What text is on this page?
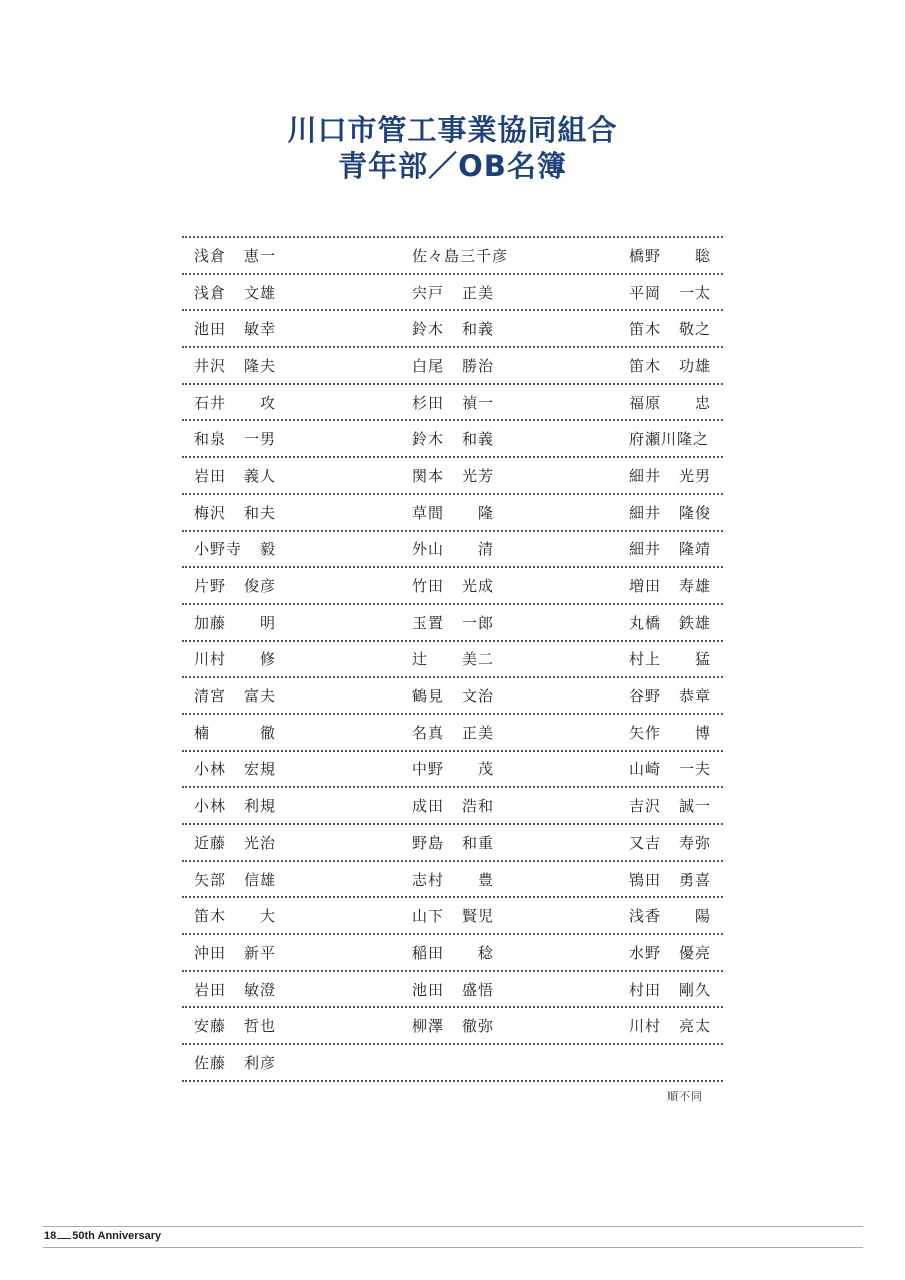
川口市管工事業協同組合
青年部／OB名簿
浅倉	恵一	佐々島三千彦	橋野	聡
浅倉	文雄	宍戸	正美	平岡	一太
池田	敏幸	鈴木	和義	笛木	敬之
井沢	隆夫	白尾	勝治	笛木	功雄
石井	攻	杉田	禎一	福原	忠
和泉	一男	鈴木	和義	府瀬川隆之
岩田	義人	関本	光芳	細井	光男
梅沢	和夫	草間	隆	細井	隆俊
小野寺	毅	外山	清	細井	隆靖
片野	俊彦	竹田	光成	増田	寿雄
加藤	明	玉置	一郎	丸橋	鉄雄
川村	修	辻	美二	村上	猛
清宮	富夫	鶴見	文治	谷野	恭章
楠	徹	名真	正美	矢作	博
小林	宏規	中野	茂	山崎	一夫
小林	利規	成田	浩和	吉沢	誠一
近藤	光治	野島	和重	又吉	寿弥
矢部	信雄	志村	豊	鴇田	勇喜
笛木	大	山下	賢児	浅香	陽
沖田	新平	稲田	稔	水野	優亮
岩田	敏澄	池田	盛悟	村田	剛久
安藤	哲也	柳澤	徹弥	川村	亮太
佐藤	利彦
順不同
18 50th Anniversary
